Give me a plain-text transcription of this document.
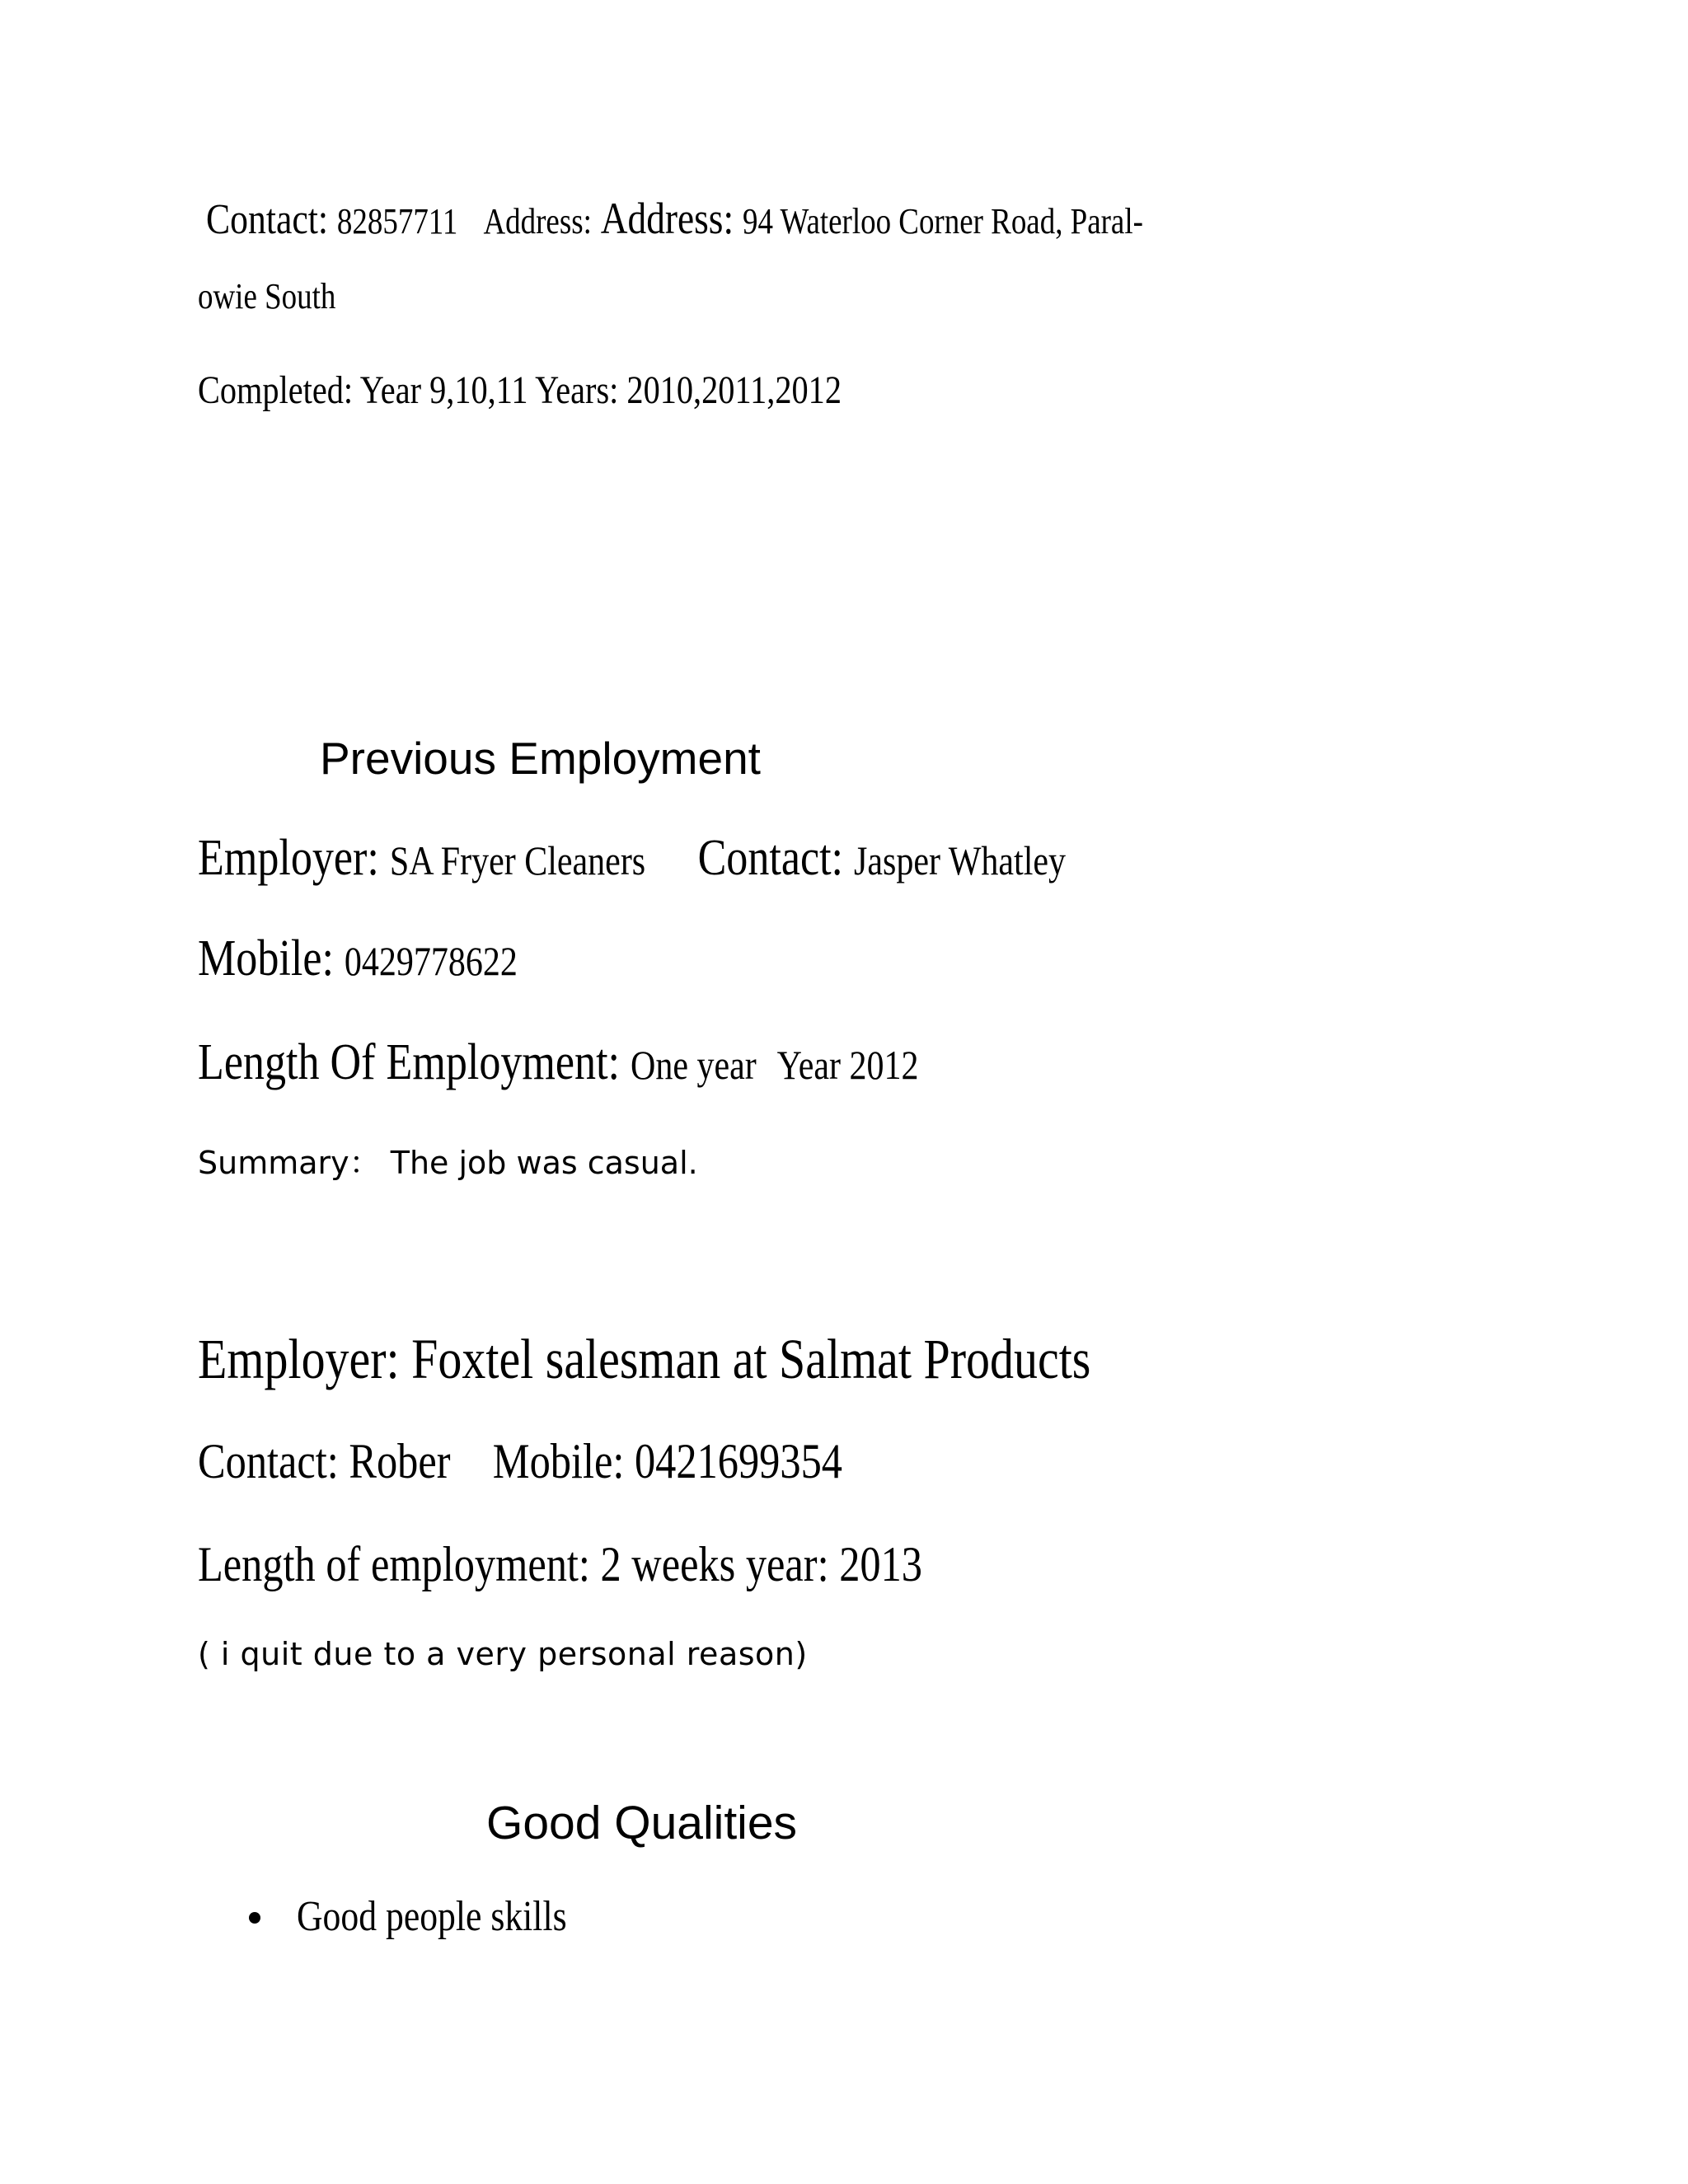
Contact: 82857711 Address: Address: 94 Waterloo Corner Road, Paral-
owie South
Completed: Year 9,10,11 Years: 2010,2011,2012
Previous Employment
Employer: SA Fryer Cleaners Contact: Jasper Whatley
Mobile: 0429778622
Length Of Employment: One year Year 2012
Summary： The job was casual.
Employer: Foxtel salesman at Salmat Products
Contact: Rober Mobile: 0421699354
Length of employment: 2 weeks year: 2013
( i quit due to a very personal reason)
Good Qualities
Good people skills
